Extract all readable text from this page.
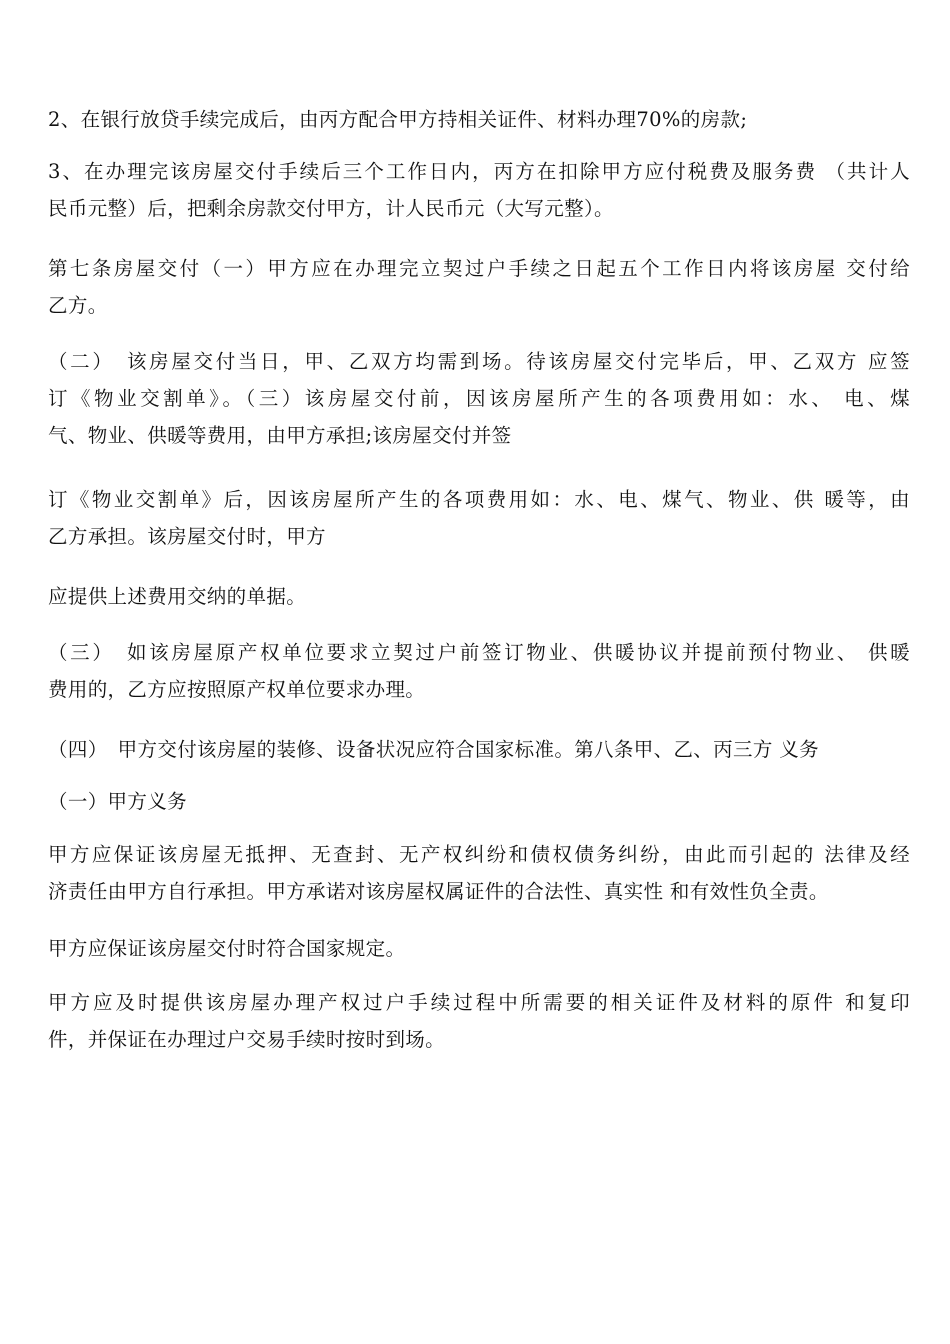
2、在银行放贷手续完成后，由丙方配合甲方持相关证件、材料办理70%的房款;

3、在办理完该房屋交付手续后三个工作日内，丙方在扣除甲方应付税费及服务费 （共计人
民币元整）后，把剩余房款交付甲方，计人民币元（大写元整）。

第七条房屋交付（一）甲方应在办理完立契过户手续之日起五个工作日内将该房屋 交付给
乙方。

（二）　该房屋交付当日，甲、乙双方均需到场。待该房屋交付完毕后，甲、乙双方 应签
订《物业交割单》。（三）该房屋交付前，因该房屋所产生的各项费用如：水、 电、煤
气、物业、供暖等费用，由甲方承担;该房屋交付并签

订《物业交割单》后，因该房屋所产生的各项费用如：水、电、煤气、物业、供 暖等，由
乙方承担。该房屋交付时，甲方

应提供上述费用交纳的单据。

（三）　如该房屋原产权单位要求立契过户前签订物业、供暖协议并提前预付物业、 供暖
费用的，乙方应按照原产权单位要求办理。

（四）　甲方交付该房屋的装修、设备状况应符合国家标准。第八条甲、乙、丙三方 义务

（一）甲方义务

甲方应保证该房屋无抵押、无查封、无产权纠纷和债权债务纠纷，由此而引起的 法律及经
济责任由甲方自行承担。甲方承诺对该房屋权属证件的合法性、真实性 和有效性负全责。

甲方应保证该房屋交付时符合国家规定。

甲方应及时提供该房屋办理产权过户手续过程中所需要的相关证件及材料的原件 和复印
件，并保证在办理过户交易手续时按时到场。
